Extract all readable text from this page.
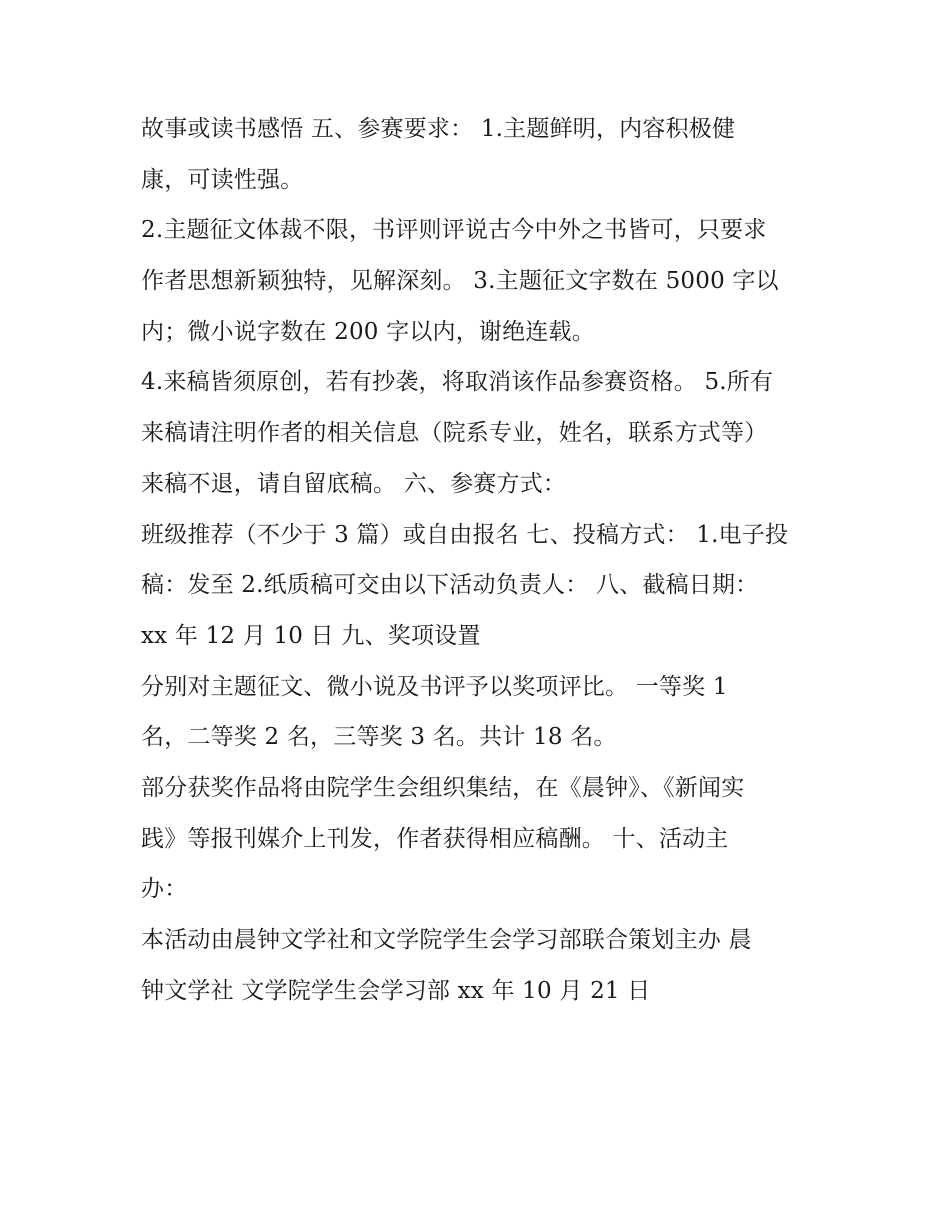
故事或读书感悟 五、参赛要求： 1.主题鲜明，内容积极健
康，可读性强。
2.主题征文体裁不限，书评则评说古今中外之书皆可，只要求
作者思想新颖独特，见解深刻。 3.主题征文字数在 5000 字以
内；微小说字数在 200 字以内，谢绝连载。
4.来稿皆须原创，若有抄袭，将取消该作品参赛资格。 5.所有
来稿请注明作者的相关信息（院系专业，姓名，联系方式等）
来稿不退，请自留底稿。 六、参赛方式：
班级推荐（不少于 3 篇）或自由报名 七、投稿方式： 1.电子投
稿：发至 2.纸质稿可交由以下活动负责人： 八、截稿日期：
xx 年 12 月 10 日 九、奖项设置
分别对主题征文、微小说及书评予以奖项评比。 一等奖 1
名，二等奖 2 名，三等奖 3 名。共计 18 名。
部分获奖作品将由院学生会组织集结，在《晨钟》、《新闻实
践》等报刊媒介上刊发，作者获得相应稿酬。 十、活动主
办：
本活动由晨钟文学社和文学院学生会学习部联合策划主办 晨
钟文学社 文学院学生会学习部 xx 年 10 月 21 日
